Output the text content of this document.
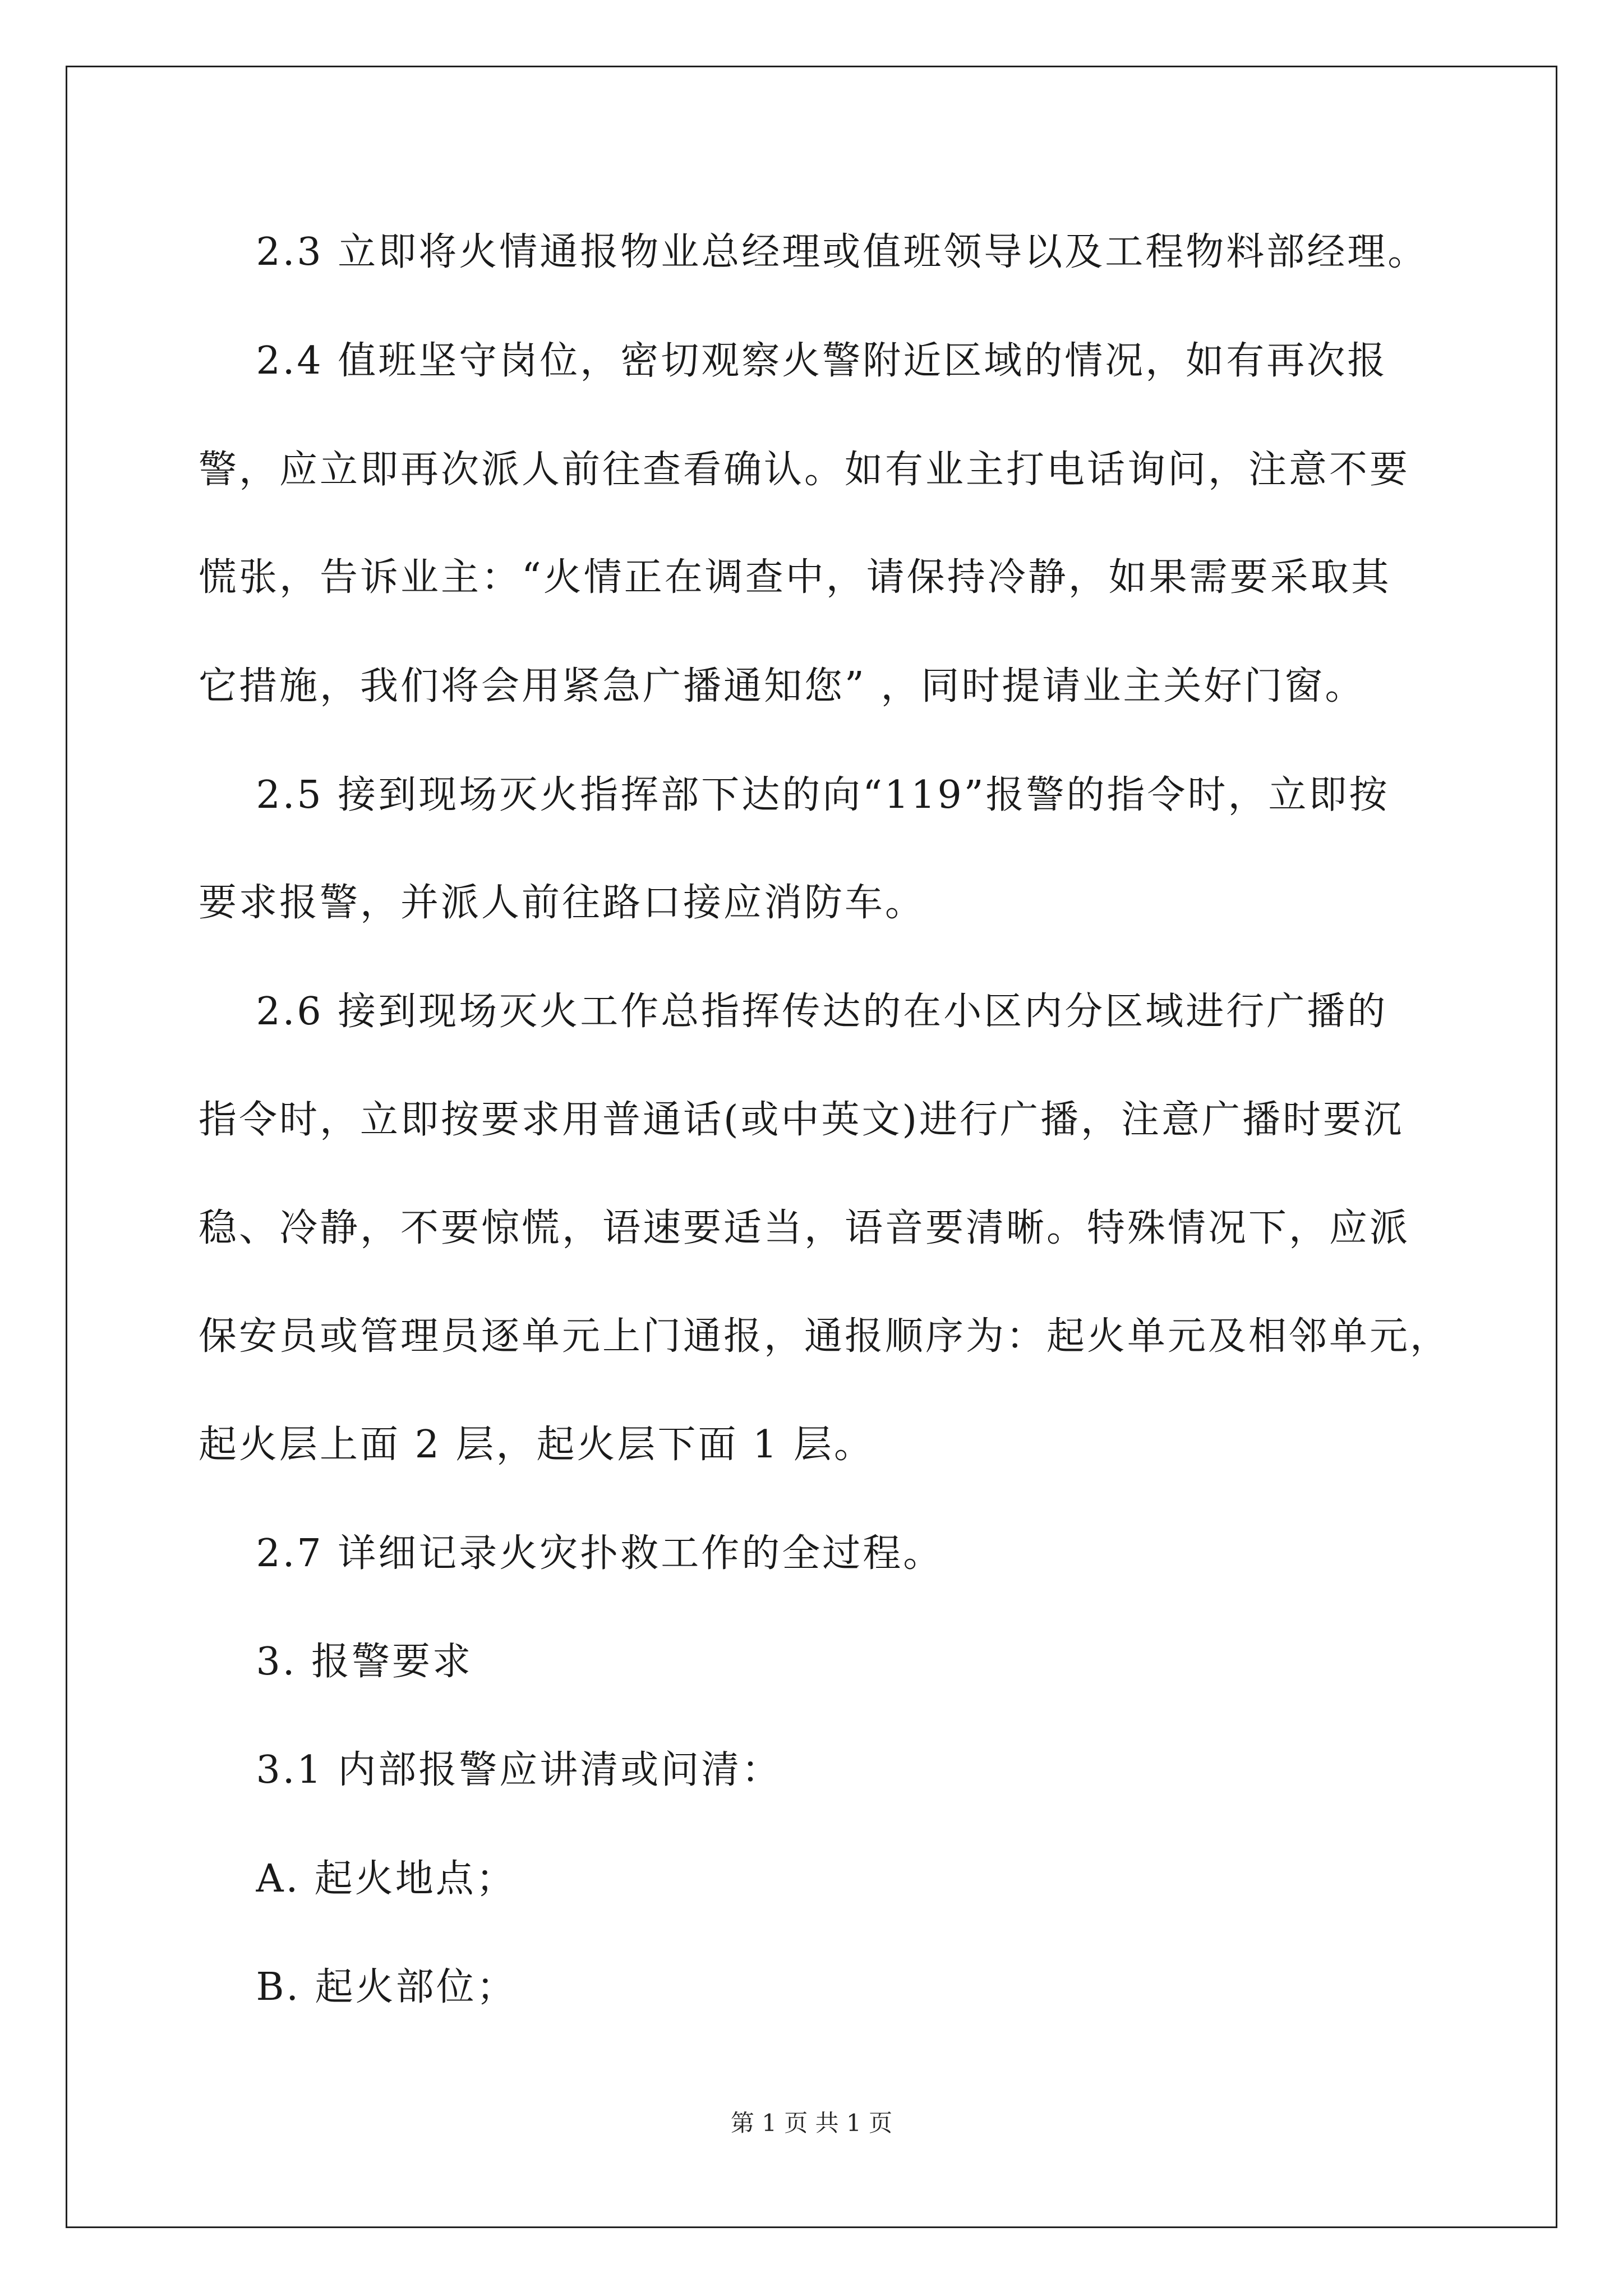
2.3 立即将火情通报物业总经理或值班领导以及工程物料部经理。
2.4 值班坚守岗位，密切观察火警附近区域的情况，如有再次报
警，应立即再次派人前往查看确认。如有业主打电话询问，注意不要
慌张，告诉业主：“火情正在调查中，请保持冷静，如果需要采取其
它措施，我们将会用紧急广播通知您” ，同时提请业主关好门窗。
2.5 接到现场灭火指挥部下达的向“119”报警的指令时，立即按
要求报警，并派人前往路口接应消防车。
2.6 接到现场灭火工作总指挥传达的在小区内分区域进行广播的
指令时，立即按要求用普通话(或中英文)进行广播，注意广播时要沉
稳、冷静，不要惊慌，语速要适当，语音要清晰。特殊情况下，应派
保安员或管理员逐单元上门通报，通报顺序为：起火单元及相邻单元，
起火层上面 2 层，起火层下面 1 层。
2.7 详细记录火灾扑救工作的全过程。
3. 报警要求
3.1 内部报警应讲清或问清：
A. 起火地点；
B. 起火部位；
第 1 页 共 1 页
